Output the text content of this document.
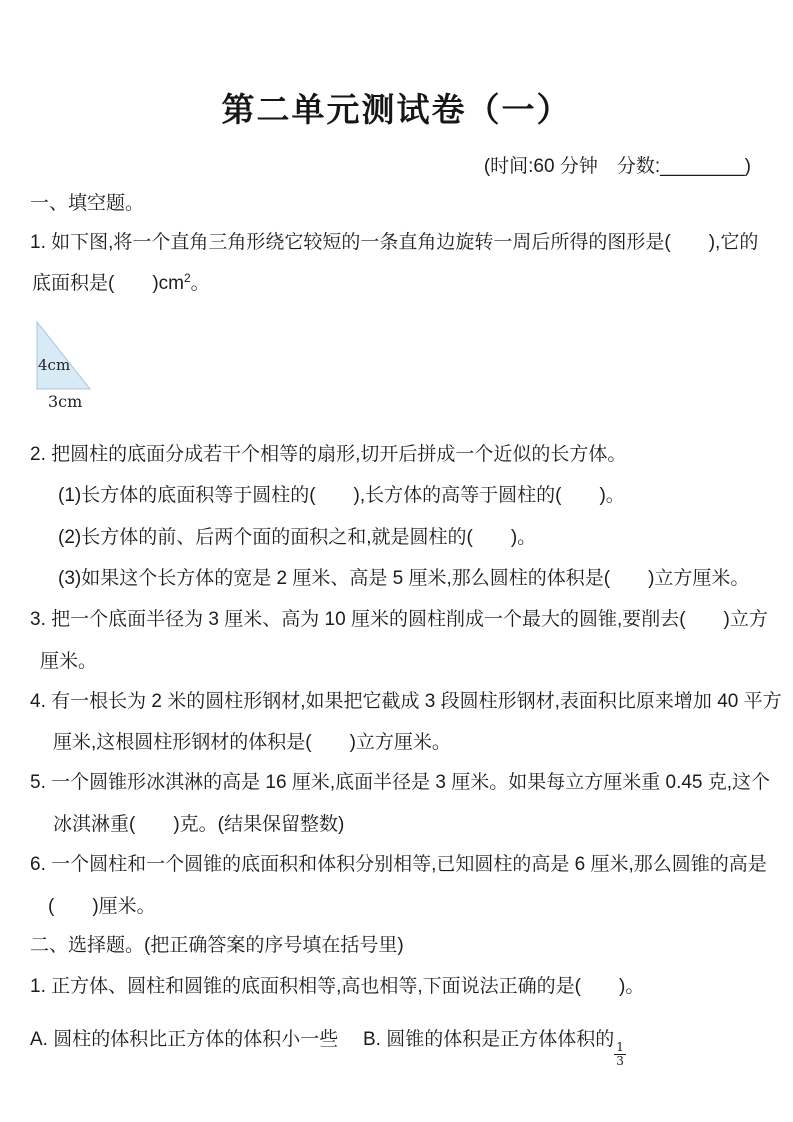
第二单元测试卷（一）
(时间:60 分钟　分数:________)
一、填空题。
1. 如下图,将一个直角三角形绕它较短的一条直角边旋转一周后所得的图形是(　　),它的
底面积是(　　)$cm^2$。
4cm
3cm
2. 把圆柱的底面分成若干个相等的扇形,切开后拼成一个近似的长方体。
(1)长方体的底面积等于圆柱的(　　),长方体的高等于圆柱的(　　)。
(2)长方体的前、后两个面的面积之和,就是圆柱的(　　)。
(3)如果这个长方体的宽是 2 厘米、高是 5 厘米,那么圆柱的体积是(　　)立方厘米。
3. 把一个底面半径为 3 厘米、高为 10 厘米的圆柱削成一个最大的圆锥,要削去(　　)立方
厘米。
4. 有一根长为 2 米的圆柱形钢材,如果把它截成 3 段圆柱形钢材,表面积比原来增加 40 平方
厘米,这根圆柱形钢材的体积是(　　)立方厘米。
5. 一个圆锥形冰淇淋的高是 16 厘米,底面半径是 3 厘米。如果每立方厘米重 0.45 克,这个
冰淇淋重(　　)克。(结果保留整数)
6. 一个圆柱和一个圆锥的底面积和体积分别相等,已知圆柱的高是 6 厘米,那么圆锥的高是
(　　)厘米。
二、选择题。(把正确答案的序号填在括号里)
1. 正方体、圆柱和圆锥的底面积相等,高也相等,下面说法正确的是(　　)。
A. 圆柱的体积比正方体的体积小一些 B. 圆锥的体积是正方体体积的
$\frac{1}{3}$
